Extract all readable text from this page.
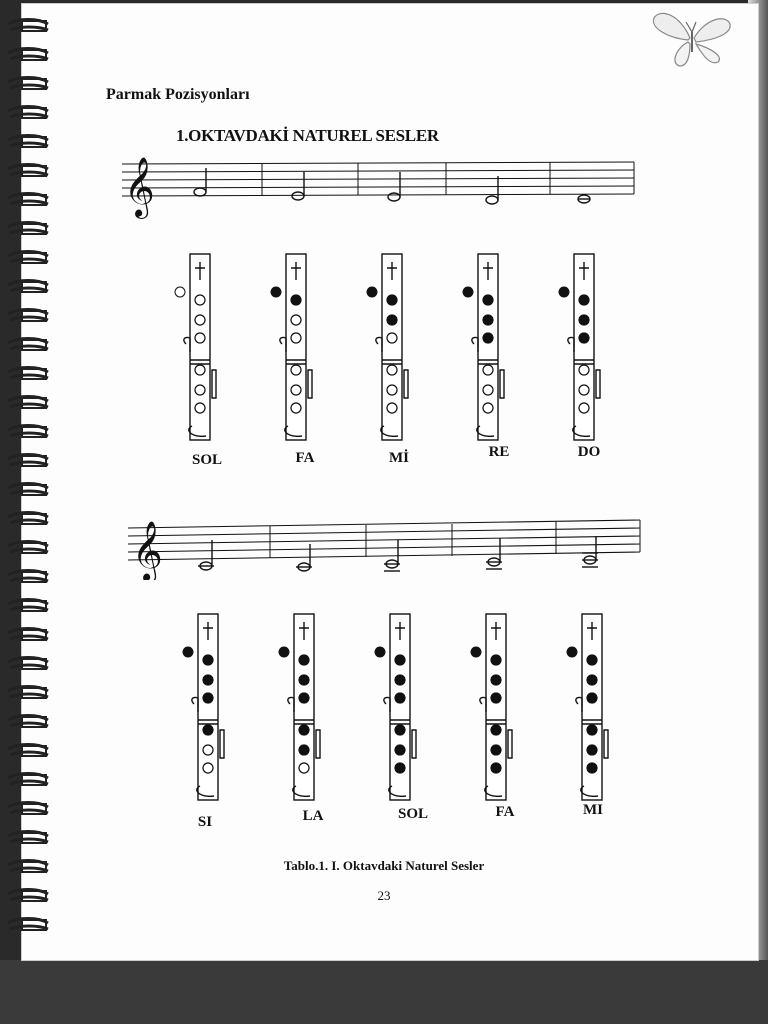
Parmak Pozisyonları
1.OKTAVDAKİ NATUREL SESLER
𝄞
𝄞
SOL	FA	Mİ	RE	DO
SI	LA	SOL	FA	MI
Tablo.1. I. Oktavdaki Naturel Sesler
23
